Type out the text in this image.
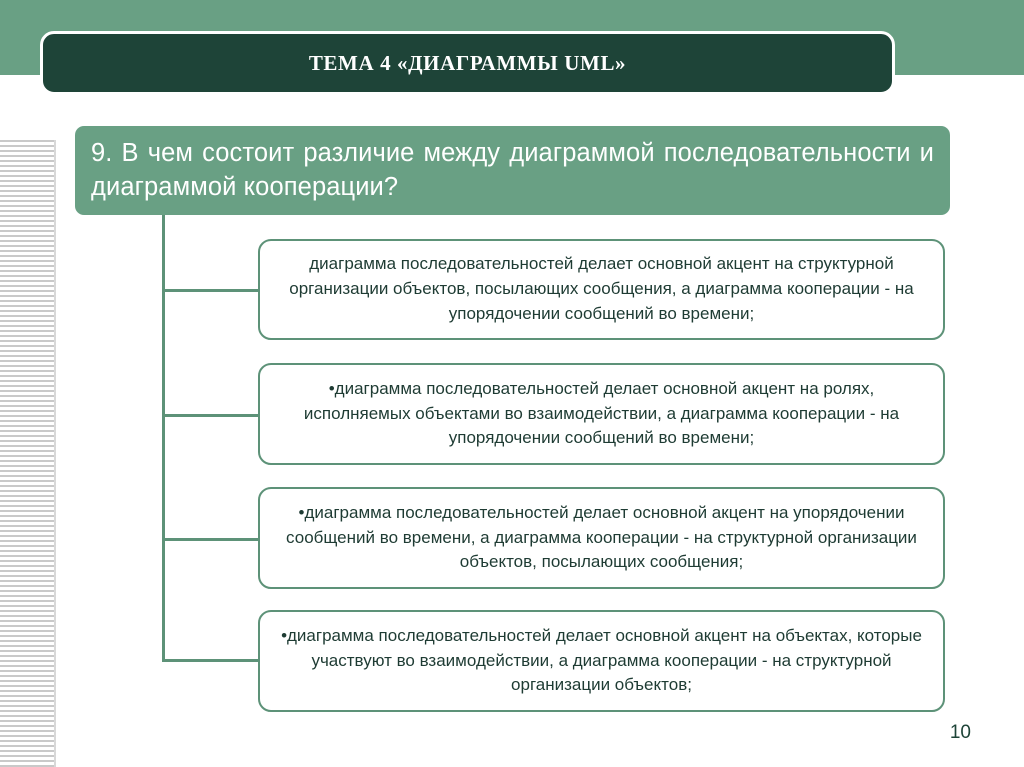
ТЕМА 4 «ДИАГРАММЫ UML»
9. В чем состоит различие между диаграммой последовательности и диаграммой кооперации?
диаграмма последовательностей делает основной акцент на структурной организации объектов, посылающих сообщения, а диаграмма кооперации - на упорядочении сообщений во времени;
•диаграмма последовательностей делает основной акцент на ролях, исполняемых объектами во взаимодействии, а диаграмма кооперации - на упорядочении сообщений во времени;
•диаграмма последовательностей делает основной акцент на упорядочении сообщений во времени, а диаграмма кооперации - на структурной организации объектов, посылающих сообщения;
•диаграмма последовательностей делает основной акцент на объектах, которые участвуют во взаимодействии, а диаграмма кооперации - на структурной организации объектов;
10
